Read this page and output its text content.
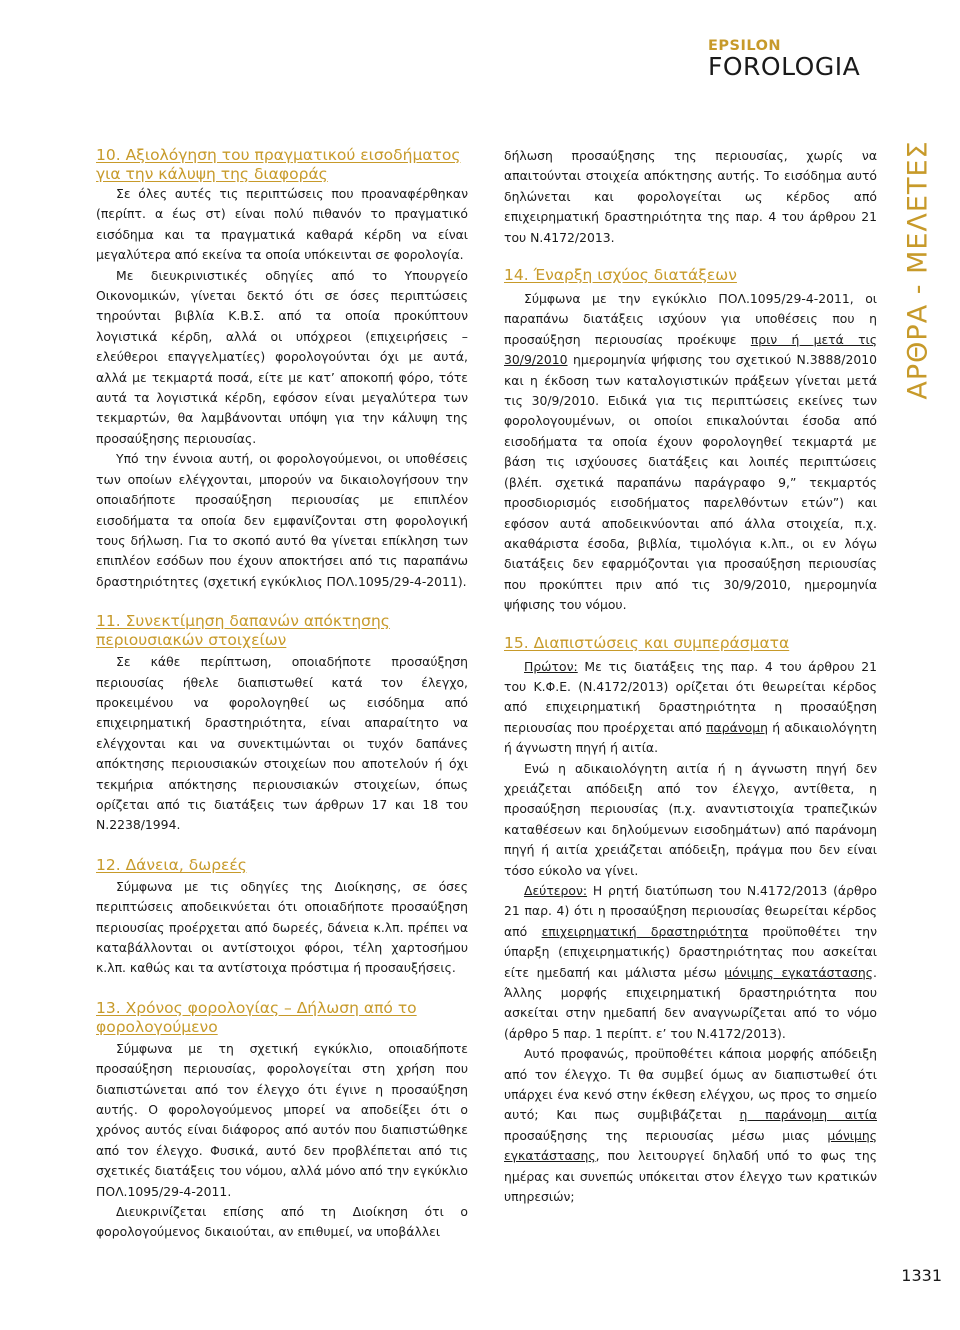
EPSILON
FOROLOGIA
ΑΡΘΡΑ - ΜΕΛΕΤΕΣ
10. Αξιολόγηση του πραγματικού εισοδήματος για την κάλυψη της διαφοράς

Σε όλες αυτές τις περιπτώσεις που προαναφέρθηκαν (περίπτ. α έως στ) είναι πολύ πιθανόν το πραγματικό εισόδημα και τα πραγματικά καθαρά κέρδη να είναι μεγαλύτερα από εκείνα τα οποία υπόκεινται σε φορολογία.

Με διευκρινιστικές οδηγίες από το Υπουργείο Οικονομικών, γίνεται δεκτό ότι σε όσες περιπτώσεις τηρούνται βιβλία Κ.Β.Σ. από τα οποία προκύπτουν λογιστικά κέρδη, αλλά οι υπόχρεοι (επιχειρήσεις – ελεύθεροι επαγγελματίες) φορολογούνται όχι με αυτά, αλλά με τεκμαρτά ποσά, είτε με κατ’ αποκοπή φόρο, τότε αυτά τα λογιστικά κέρδη, εφόσον είναι μεγαλύτερα των τεκμαρτών, θα λαμβάνονται υπόψη για την κάλυψη της προσαύξησης περιουσίας.

Υπό την έννοια αυτή, οι φορολογούμενοι, οι υποθέσεις των οποίων ελέγχονται, μπορούν να δικαιολογήσουν την οποιαδήποτε προσαύξηση περιουσίας με επιπλέον εισοδήματα τα οποία δεν εμφανίζονται στη φορολογική τους δήλωση. Για το σκοπό αυτό θα γίνεται επίκληση των επιπλέον εσόδων που έχουν αποκτήσει από τις παραπάνω δραστηριότητες (σχετική εγκύκλιος ΠΟΛ.1095/29-4-2011).

11. Συνεκτίμηση δαπανών απόκτησης περιουσιακών στοιχείων

Σε κάθε περίπτωση, οποιαδήποτε προσαύξηση περιουσίας ήθελε διαπιστωθεί κατά τον έλεγχο, προκειμένου να φορολογηθεί ως εισόδημα από επιχειρηματική δραστηριότητα, είναι απαραίτητο να ελέγχονται και να συνεκτιμώνται οι τυχόν δαπάνες απόκτησης περιουσιακών στοιχείων που αποτελούν ή όχι τεκμήρια απόκτησης περιουσιακών στοιχείων, όπως ορίζεται από τις διατάξεις των άρθρων 17 και 18 του Ν.2238/1994.

12. Δάνεια, δωρεές

Σύμφωνα με τις οδηγίες της Διοίκησης, σε όσες περιπτώσεις αποδεικνύεται ότι οποιαδήποτε προσαύξηση περιουσίας προέρχεται από δωρεές, δάνεια κ.λπ. πρέπει να καταβάλλονται οι αντίστοιχοι φόροι, τέλη χαρτοσήμου κ.λπ. καθώς και τα αντίστοιχα πρόστιμα ή προσαυξήσεις.

13. Χρόνος φορολογίας – Δήλωση από το φορολογούμενο

Σύμφωνα με τη σχετική εγκύκλιο, οποιαδήποτε προσαύξηση περιουσίας, φορολογείται στη χρήση που διαπιστώνεται από τον έλεγχο ότι έγινε η προσαύξηση αυτής. Ο φορολογούμενος μπορεί να αποδείξει ότι ο χρόνος αυτός είναι διάφορος από αυτόν που διαπιστώθηκε από τον έλεγχο. Φυσικά, αυτό δεν προβλέπεται από τις σχετικές διατάξεις του νόμου, αλλά μόνο από την εγκύκλιο ΠΟΛ.1095/29-4-2011.

Διευκρινίζεται επίσης από τη Διοίκηση ότι ο φορολογούμενος δικαιούται, αν επιθυμεί, να υποβάλλει

δήλωση προσαύξησης της περιουσίας, χωρίς να απαιτούνται στοιχεία απόκτησης αυτής. Το εισόδημα αυτό δηλώνεται και φορολογείται ως κέρδος από επιχειρηματική δραστηριότητα της παρ. 4 του άρθρου 21 του Ν.4172/2013.

14. Έναρξη ισχύος διατάξεων

Σύμφωνα με την εγκύκλιο ΠΟΛ.1095/29-4-2011, οι παραπάνω διατάξεις ισχύουν για υποθέσεις που η προσαύξηση περιουσίας προέκυψε πριν ή μετά τις 30/9/2010 ημερομηνία ψήφισης του σχετικού Ν.3888/2010 και η έκδοση των καταλογιστικών πράξεων γίνεται μετά τις 30/9/2010. Ειδικά για τις περιπτώσεις εκείνες των φορολογουμένων, οι οποίοι επικαλούνται έσοδα από εισοδήματα τα οποία έχουν φορολογηθεί τεκμαρτά με βάση τις ισχύουσες διατάξεις και λοιπές περιπτώσεις (βλέπ. σχετικά παραπάνω παράγραφο 9,” τεκμαρτός προσδιορισμός εισοδήματος παρελθόντων ετών”) και εφόσον αυτά αποδεικνύονται από άλλα στοιχεία, π.χ. ακαθάριστα έσοδα, βιβλία, τιμολόγια κ.λπ., οι εν λόγω διατάξεις δεν εφαρμόζονται για προσαύξηση περιουσίας που προκύπτει πριν από τις 30/9/2010, ημερομηνία ψήφισης του νόμου.

15. Διαπιστώσεις και συμπεράσματα

Πρώτον: Με τις διατάξεις της παρ. 4 του άρθρου 21 του Κ.Φ.Ε. (Ν.4172/2013) ορίζεται ότι θεωρείται κέρδος από επιχειρηματική δραστηριότητα η προσαύξηση περιουσίας που προέρχεται από παράνομη ή αδικαιολόγητη ή άγνωστη πηγή ή αιτία.

Ενώ η αδικαιολόγητη αιτία ή η άγνωστη πηγή δεν χρειάζεται απόδειξη από τον έλεγχο, αντίθετα, η προσαύξηση περιουσίας (π.χ. αναντιστοιχία τραπεζικών καταθέσεων και δηλούμενων εισοδημάτων) από παράνομη πηγή ή αιτία χρειάζεται απόδειξη, πράγμα που δεν είναι τόσο εύκολο να γίνει.

Δεύτερον: Η ρητή διατύπωση του Ν.4172/2013 (άρθρο 21 παρ. 4) ότι η προσαύξηση περιουσίας θεωρείται κέρδος από επιχειρηματική δραστηριότητα προϋποθέτει την ύπαρξη (επιχειρηματικής) δραστηριότητας που ασκείται είτε ημεδαπή και μάλιστα μέσω μόνιμης εγκατάστασης. Άλλης μορφής επιχειρηματική δραστηριότητα που ασκείται στην ημεδαπή δεν αναγνωρίζεται από το νόμο (άρθρο 5 παρ. 1 περίπτ. ε’ του Ν.4172/2013).

Αυτό προφανώς, προϋποθέτει κάποια μορφής απόδειξη από τον έλεγχο. Τι θα συμβεί όμως αν διαπιστωθεί ότι υπάρχει ένα κενό στην έκθεση ελέγχου, ως προς το σημείο αυτό; Και πως συμβιβάζεται η παράνομη αιτία προσαύξησης της περιουσίας μέσω μιας μόνιμης εγκατάστασης, που λειτουργεί δηλαδή υπό το φως της ημέρας και συνεπώς υπόκειται στον έλεγχο των κρατικών υπηρεσιών;

1331
